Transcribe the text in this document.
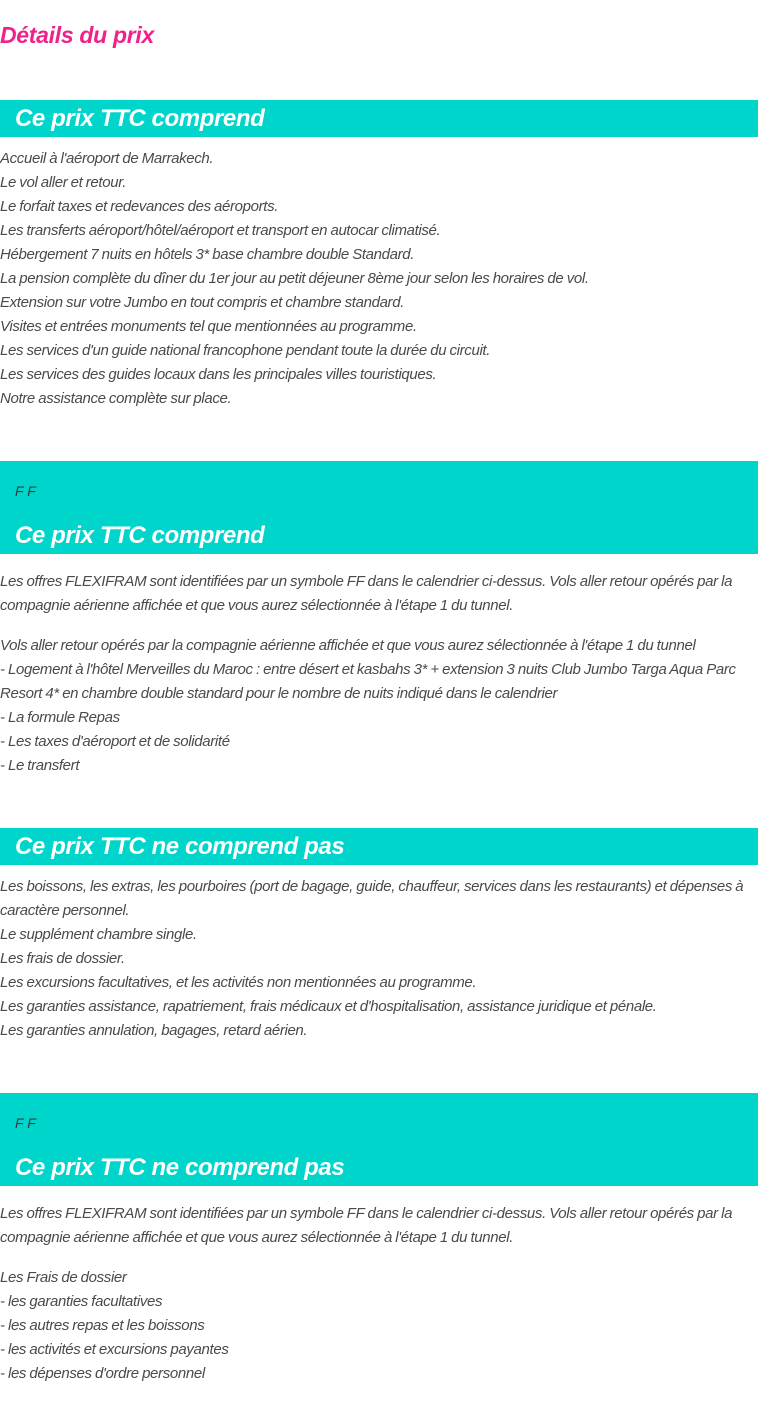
Détails du prix
Ce prix TTC comprend
Accueil à l'aéroport de Marrakech.
Le vol aller et retour.
Le forfait taxes et redevances des aéroports.
Les transferts aéroport/hôtel/aéroport et transport en autocar climatisé.
Hébergement 7 nuits en hôtels 3* base chambre double Standard.
La pension complète du dîner du 1er jour au petit déjeuner 8ème jour selon les horaires de vol.
Extension sur votre Jumbo en tout compris et chambre standard.
Visites et entrées monuments tel que mentionnées au programme.
Les services d'un guide national francophone pendant toute la durée du circuit.
Les services des guides locaux dans les principales villes touristiques.
Notre assistance complète sur place.
F F
Ce prix TTC comprend
Les offres FLEXIFRAM sont identifiées par un symbole FF dans le calendrier ci-dessus. Vols aller retour opérés par la
compagnie aérienne affichée et que vous aurez sélectionnée à l'étape 1 du tunnel.
Vols aller retour opérés par la compagnie aérienne affichée et que vous aurez sélectionnée à l'étape 1 du tunnel
- Logement à l'hôtel Merveilles du Maroc : entre désert et kasbahs 3* + extension 3 nuits Club Jumbo Targa Aqua Parc
Resort 4* en chambre double standard pour le nombre de nuits indiqué dans le calendrier
- La formule Repas
- Les taxes d'aéroport et de solidarité
- Le transfert
Ce prix TTC ne comprend pas
Les boissons, les extras, les pourboires (port de bagage, guide, chauffeur, services dans les restaurants) et dépenses à
caractère personnel.
Le supplément chambre single.
Les frais de dossier.
Les excursions facultatives, et les activités non mentionnées au programme.
Les garanties assistance, rapatriement, frais médicaux et d'hospitalisation, assistance juridique et pénale.
Les garanties annulation, bagages, retard aérien.
F F
Ce prix TTC ne comprend pas
Les offres FLEXIFRAM sont identifiées par un symbole FF dans le calendrier ci-dessus. Vols aller retour opérés par la
compagnie aérienne affichée et que vous aurez sélectionnée à l'étape 1 du tunnel.
Les Frais de dossier
- les garanties facultatives
- les autres repas et les boissons
- les activités et excursions payantes
- les dépenses d'ordre personnel
